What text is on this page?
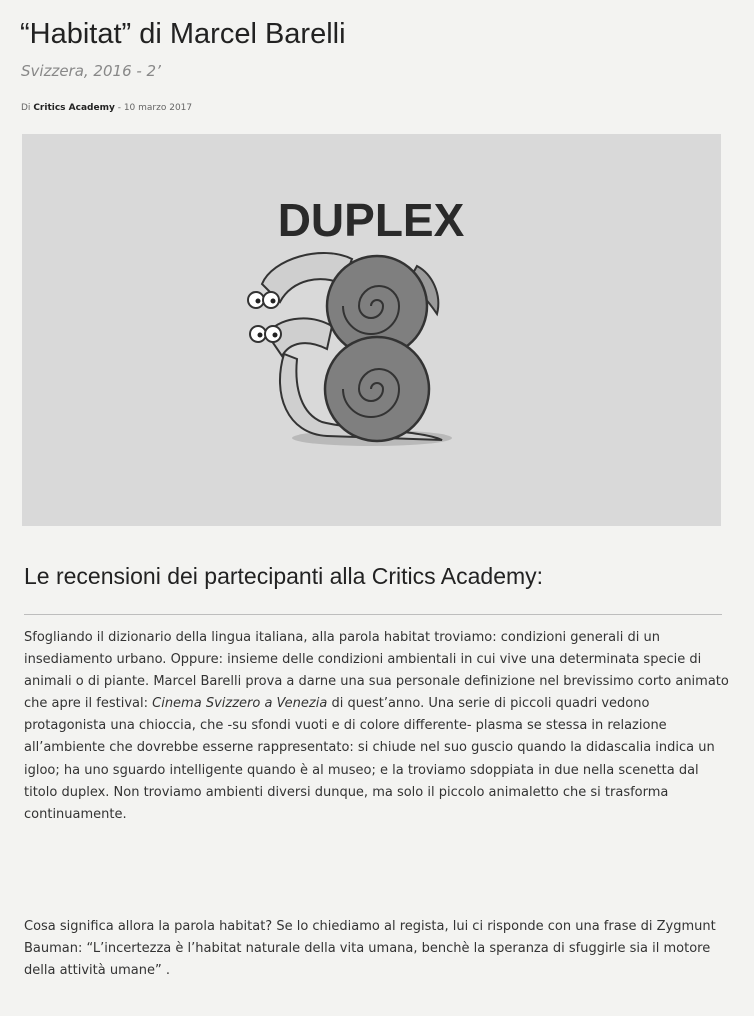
“Habitat” di Marcel Barelli
Svizzera, 2016 - 2’
Di Critics Academy - 10 marzo 2017
DUPLEX
Le recensioni dei partecipanti alla Critics Academy:

Sfogliando il dizionario della lingua italiana, alla parola habitat troviamo: condizioni generali di un insediamento urbano. Oppure: insieme delle condizioni ambientali in cui vive una determinata specie di animali o di piante. Marcel Barelli prova a darne una sua personale definizione nel brevissimo corto animato che apre il festival: Cinema Svizzero a Venezia di quest’anno. Una serie di piccoli quadri vedono protagonista una chioccia, che -su sfondi vuoti e di colore differente- plasma se stessa in relazione all’ambiente che dovrebbe esserne rappresentato: si chiude nel suo guscio quando la didascalia indica un igloo; ha uno sguardo intelligente quando è al museo; e la troviamo sdoppiata in due nella scenetta dal titolo duplex. Non troviamo ambienti diversi dunque, ma solo il piccolo animaletto che si trasforma continuamente.

Cosa significa allora la parola habitat? Se lo chiediamo al regista, lui ci risponde con una frase di Zygmunt Bauman: “L’incertezza è l’habitat naturale della vita umana, benchè la speranza di sfuggirle sia il motore della attività umane” .
